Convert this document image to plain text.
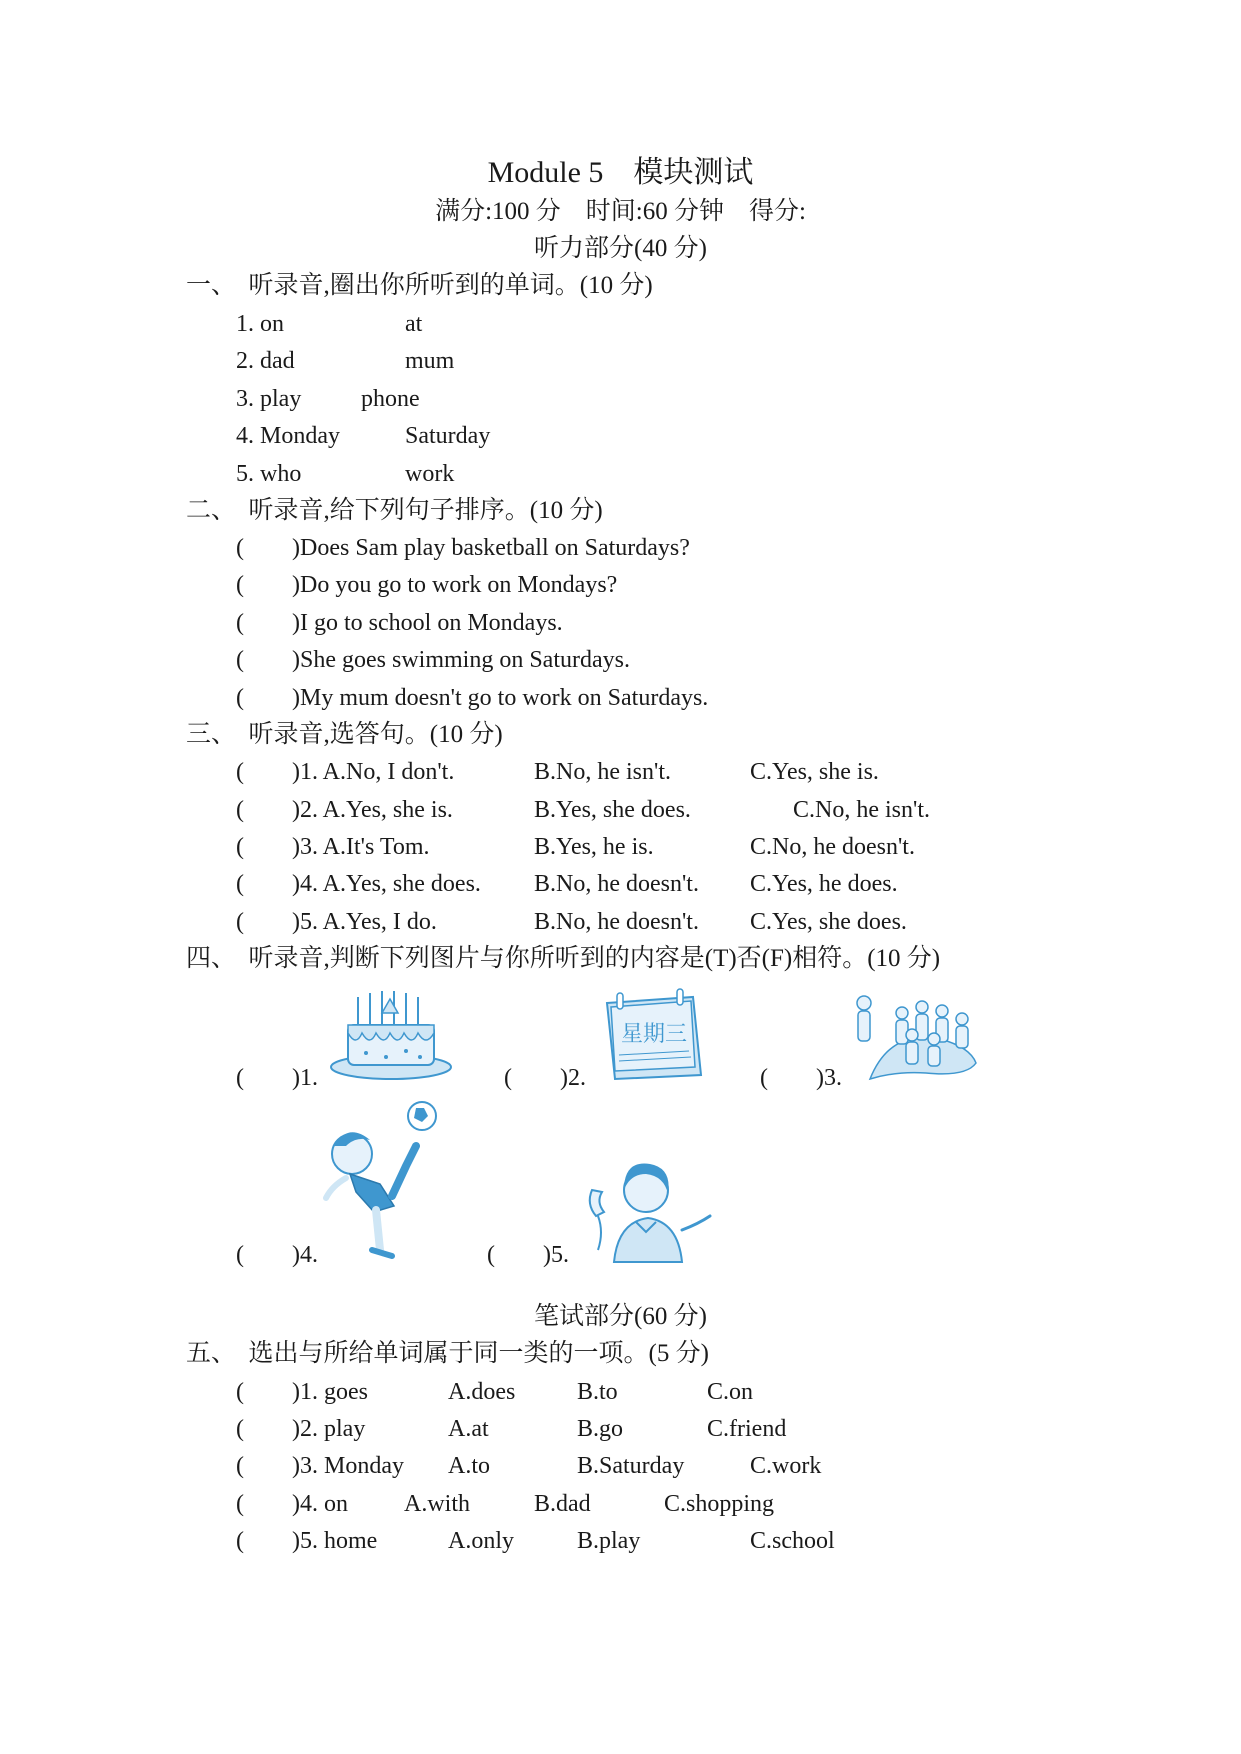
Module 5    模块测试
满分:100 分    时间:60 分钟    得分:
听力部分(40 分)
一、  听录音,圈出你所听到的单词。(10 分)
1. on	at
2. dad	mum
3. play phone
4. Monday	Saturday
5. who	work
二、  听录音,给下列句子排序。(10 分)
( )Does Sam play basketball on Saturdays?
( )Do you go to work on Mondays?
( )I go to school on Mondays.
( )She goes swimming on Saturdays.
( )My mum doesn't go to work on Saturdays.
三、  听录音,选答句。(10 分)
( )1. A.No, I don't.	B.No, he isn't.	C.Yes, she is.
( )2. A.Yes, she is.	B.Yes, she does.	C.No, he isn't.
( )3. A.It's Tom.	B.Yes, he is.	C.No, he doesn't.
( )4. A.Yes, she does. B.No, he doesn't. C.Yes, he does.
( )5. A.Yes, I do.	B.No, he doesn't. C.Yes, she does.
四、  听录音,判断下列图片与你所听到的内容是(T)否(F)相符。(10 分)
( )1.	( )2.
星期三
( )3.
( )4.	( )5.
笔试部分(60 分)
五、  选出与所给单词属于同一类的一项。(5 分)
( )1. goes	A.does	B.to	C.on
( )2. play	A.at	B.go	C.friend
( )3. Monday A.to	B.Saturday	C.work
( )4. on A.with	B.dad	C.shopping
( )5. home	A.only	B.play	C.school
